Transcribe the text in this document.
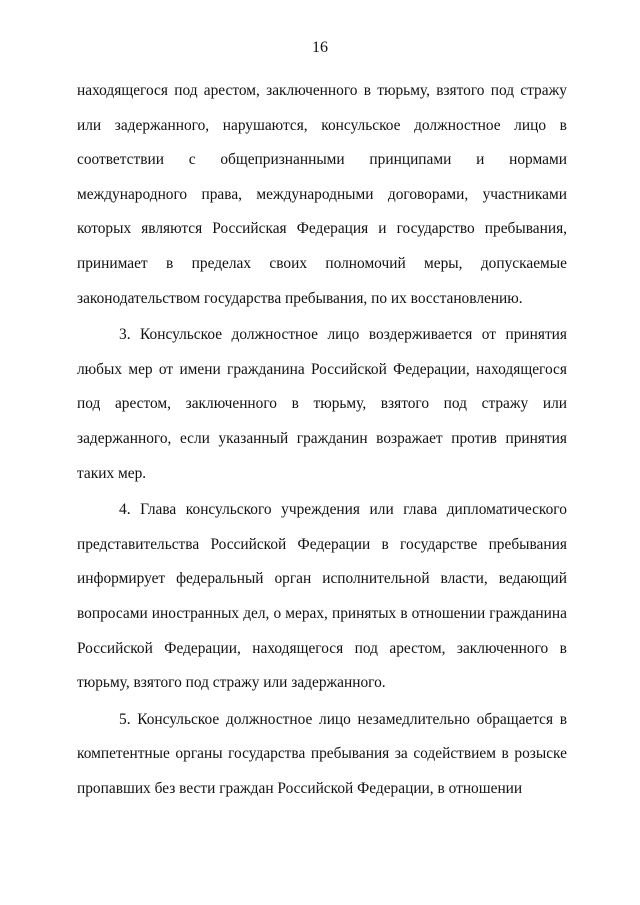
16
находящегося под арестом, заключенного в тюрьму, взятого под стражу
или задержанного, нарушаются, консульское должностное лицо в
соответствии с общепризнанными принципами и нормами
международного права, международными договорами, участниками
которых являются Российская Федерация и государство пребывания,
принимает в пределах своих полномочий меры, допускаемые
законодательством государства пребывания, по их восстановлению.
3. Консульское должностное лицо воздерживается от принятия
любых мер от имени гражданина Российской Федерации, находящегося
под арестом, заключенного в тюрьму, взятого под стражу или
задержанного, если указанный гражданин возражает против принятия
таких мер.
4. Глава консульского учреждения или глава дипломатического
представительства Российской Федерации в государстве пребывания
информирует федеральный орган исполнительной власти, ведающий
вопросами иностранных дел, о мерах, принятых в отношении гражданина
Российской Федерации, находящегося под арестом, заключенного в
тюрьму, взятого под стражу или задержанного.
5. Консульское должностное лицо незамедлительно обращается в
компетентные органы государства пребывания за содействием в розыске
пропавших без вести граждан Российской Федерации, в отношении
